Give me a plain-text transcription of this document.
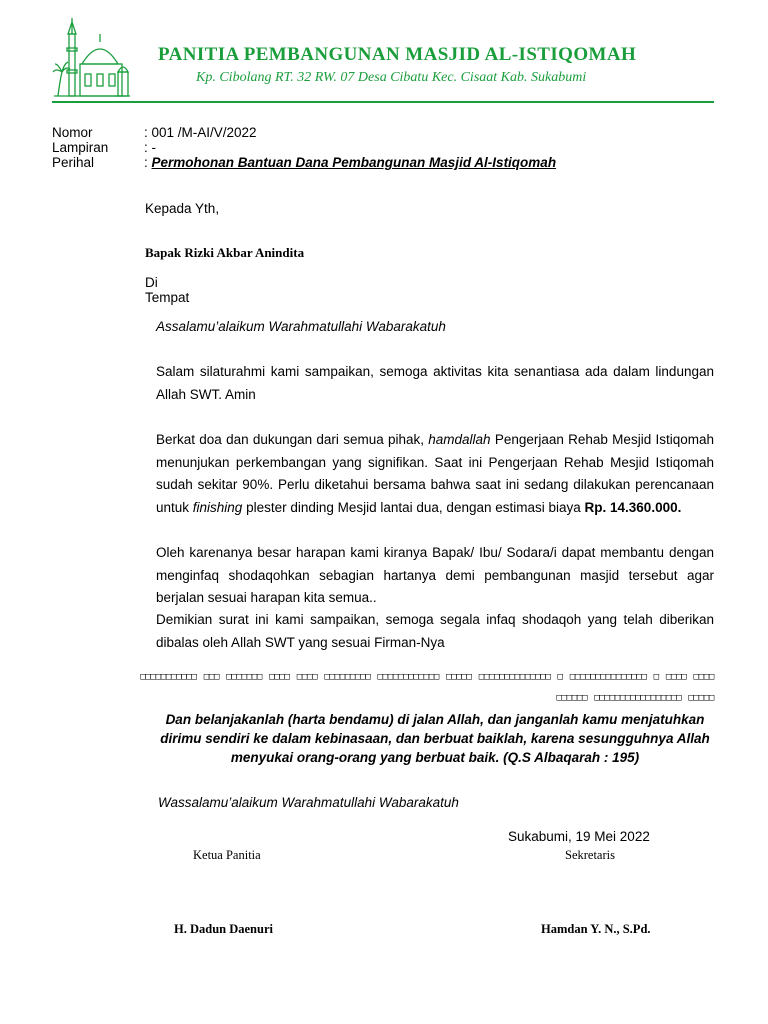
PANITIA PEMBANGUNAN MASJID AL-ISTIQOMAH
Kp. Cibolang RT. 32 RW. 07 Desa Cibatu Kec. Cisaat Kab. Sukabumi
Nomor	: 001 /M-AI/V/2022
Lampiran	: -
Perihal	: Permohonan Bantuan Dana Pembangunan Masjid Al-Istiqomah
Kepada Yth,
Bapak Rizki Akbar Anindita
Di
Tempat
Assalamu’alaikum Warahmatullahi Wabarakatuh
Salam silaturahmi kami sampaikan, semoga aktivitas kita senantiasa ada dalam lindungan Allah SWT. Amin
Berkat doa dan dukungan dari semua pihak, hamdallah Pengerjaan Rehab Mesjid Istiqomah menunjukan perkembangan yang signifikan. Saat ini Pengerjaan Rehab Mesjid Istiqomah sudah sekitar 90%. Perlu diketahui bersama bahwa saat ini sedang dilakukan perencanaan untuk finishing plester dinding Mesjid lantai dua, dengan estimasi biaya Rp. 14.360.000.
Oleh karenanya besar harapan kami kiranya Bapak/ Ibu/ Sodara/i dapat membantu dengan menginfaq shodaqohkan sebagian hartanya demi pembangunan masjid tersebut agar berjalan sesuai harapan kita semua..
Demikian surat ini kami sampaikan, semoga segala infaq shodaqoh yang telah diberikan dibalas oleh Allah SWT yang sesuai Firman-Nya
□□□□□□□□□□□ □□□ □□□□□□□ □□□□ □□□□ □□□□□□□□□ □□□□□□□□□□□□ □□□□□ □□□□□□□□□□□□□□ □ □□□□□□□□□□□□□□□ □ □□□□ □□□□
□□□□□□ □□□□□□□□□□□□□□□□□ □□□□□
Dan belanjakanlah (harta bendamu) di jalan Allah, dan janganlah kamu menjatuhkan dirimu sendiri ke dalam kebinasaan, dan berbuat baiklah, karena sesungguhnya Allah menyukai orang-orang yang berbuat baik. (Q.S Albaqarah : 195)
Wassalamu’alaikum Warahmatullahi Wabarakatuh
Sukabumi, 19 Mei 2022
Ketua Panitia	Sekretaris
H. Dadun Daenuri	Hamdan Y. N., S.Pd.
